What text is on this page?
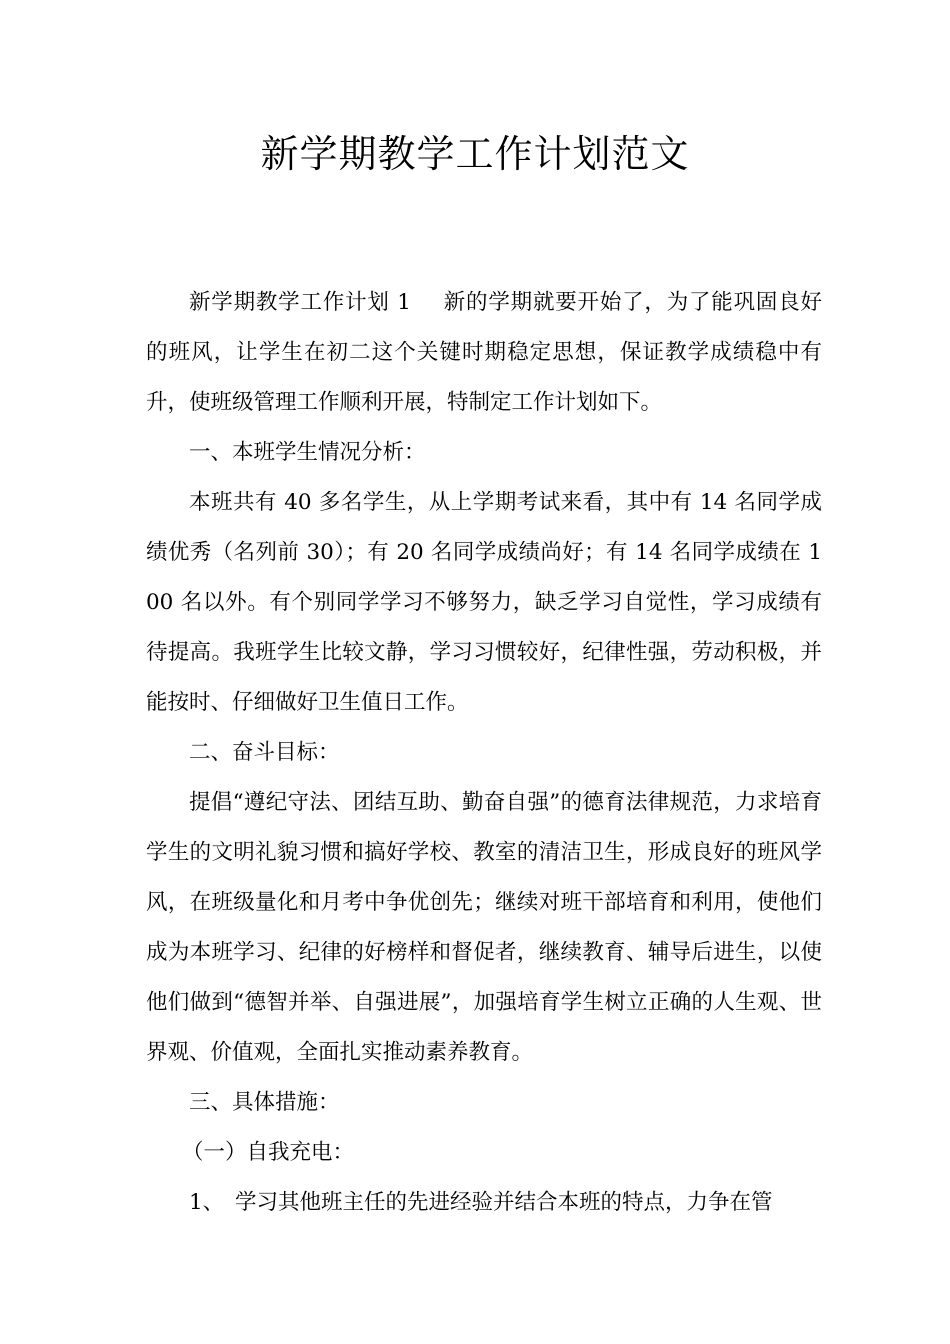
新学期教学工作计划范文

新学期教学工作计划 1 新的学期就要开始了，为了能巩固良好的班风，让学生在初二这个关键时期稳定思想，保证教学成绩稳中有升，使班级管理工作顺利开展，特制定工作计划如下。

一、本班学生情况分析：

本班共有 40 多名学生，从上学期考试来看，其中有 14 名同学成绩优秀（名列前 30）；有 20 名同学成绩尚好；有 14 名同学成绩在 100 名以外。有个别同学学习不够努力，缺乏学习自觉性，学习成绩有待提高。我班学生比较文静，学习习惯较好，纪律性强，劳动积极，并能按时、仔细做好卫生值日工作。

二、奋斗目标：

提倡“遵纪守法、团结互助、勤奋自强”的德育法律规范，力求培育学生的文明礼貌习惯和搞好学校、教室的清洁卫生，形成良好的班风学风，在班级量化和月考中争优创先；继续对班干部培育和利用，使他们成为本班学习、纪律的好榜样和督促者，继续教育、辅导后进生，以使他们做到“德智并举、自强进展”，加强培育学生树立正确的人生观、世界观、价值观，全面扎实推动素养教育。

三、具体措施：

（一）自我充电：

1、 学习其他班主任的先进经验并结合本班的特点，力争在管
